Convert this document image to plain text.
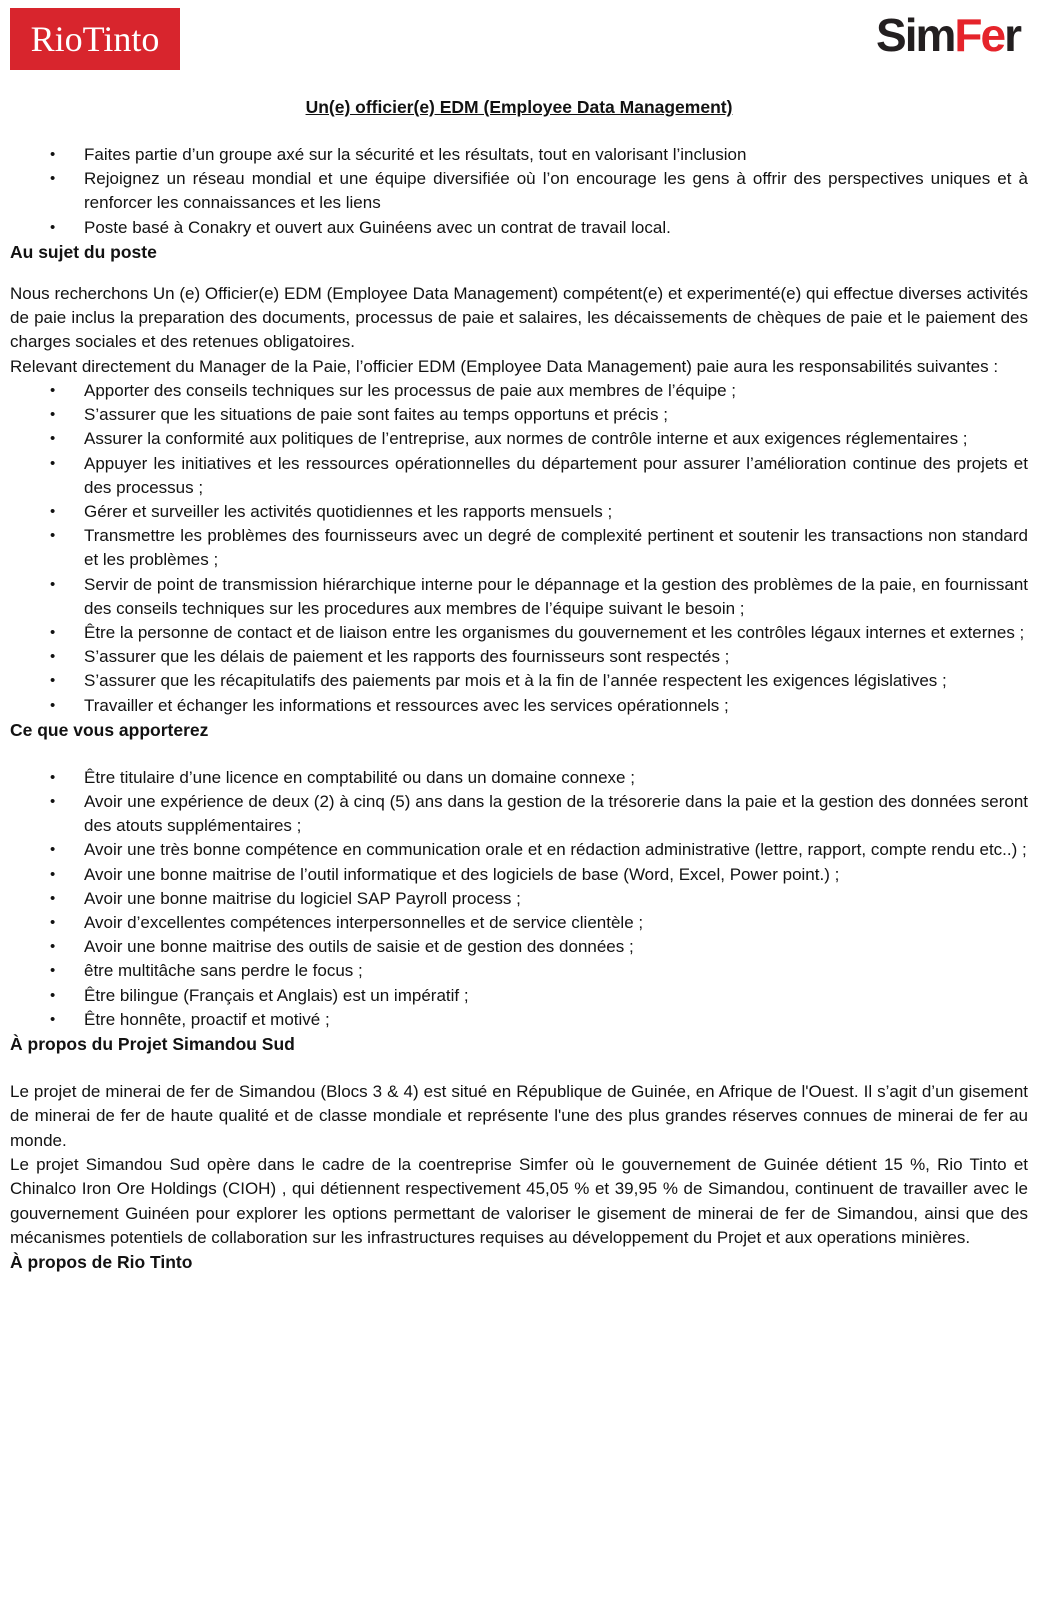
RioTinto	SimFer
Un(e) officier(e) EDM (Employee Data Management)
• Faites partie d’un groupe axé sur la sécurité et les résultats, tout en valorisant l’inclusion
• Rejoignez un réseau mondial et une équipe diversifiée où l’on encourage les gens à offrir des perspectives uniques et à renforcer les connaissances et les liens
• Poste basé à Conakry et ouvert aux Guinéens avec un contrat de travail local.
Au sujet du poste

Nous recherchons Un (e) Officier(e) EDM (Employee Data Management) compétent(e) et experimenté(e) qui effectue diverses activités de paie inclus la preparation des documents, processus de paie et salaires, les décaissements de chèques de paie et le paiement des charges sociales et des retenues obligatoires.

Relevant directement du Manager de la Paie, l’officier EDM (Employee Data Management) paie aura les responsabilités suivantes :

• Apporter des conseils techniques sur les processus de paie aux membres de l’équipe ;
• S’assurer que les situations de paie sont faites au temps opportuns et précis ;
• Assurer la conformité aux politiques de l’entreprise, aux normes de contrôle interne et aux exigences réglementaires ;
• Appuyer les initiatives et les ressources opérationnelles du département pour assurer l’amélioration continue des projets et des processus ;
• Gérer et surveiller les activités quotidiennes et les rapports mensuels ;
• Transmettre les problèmes des fournisseurs avec un degré de complexité pertinent et soutenir les transactions non standard et les problèmes ;
• Servir de point de transmission hiérarchique interne pour le dépannage et la gestion des problèmes de la paie, en fournissant des conseils techniques sur les procedures aux membres de l’équipe suivant le besoin ;
• Être la personne de contact et de liaison entre les organismes du gouvernement et les contrôles légaux internes et externes ;
• S’assurer que les délais de paiement et les rapports des fournisseurs sont respectés ;
• S’assurer que les récapitulatifs des paiements par mois et à la fin de l’année respectent les exigences législatives ;
• Travailler et échanger les informations et ressources avec les services opérationnels ;
Ce que vous apporterez
• Être titulaire d’une licence en comptabilité ou dans un domaine connexe ;
• Avoir une expérience de deux (2) à cinq (5) ans dans la gestion de la trésorerie dans la paie et la gestion des données seront des atouts supplémentaires ;
• Avoir une très bonne compétence en communication orale et en rédaction administrative (lettre, rapport, compte rendu etc..) ;
• Avoir une bonne maitrise de l’outil informatique et des logiciels de base (Word, Excel, Power point.) ;
• Avoir une bonne maitrise du logiciel SAP Payroll process ;
• Avoir d’excellentes compétences interpersonnelles et de service clientèle ;
• Avoir une bonne maitrise des outils de saisie et de gestion des données ;
• être multitâche sans perdre le focus ;
• Être bilingue (Français et Anglais) est un impératif ;
• Être honnête, proactif et motivé ;
À propos du Projet Simandou Sud

Le projet de minerai de fer de Simandou (Blocs 3 & 4) est situé en République de Guinée, en Afrique de l'Ouest. Il s’agit d’un gisement de minerai de fer de haute qualité et de classe mondiale et représente l'une des plus grandes réserves connues de minerai de fer au monde.

Le projet Simandou Sud opère dans le cadre de la coentreprise Simfer où le gouvernement de Guinée détient 15 %, Rio Tinto et Chinalco Iron Ore Holdings (CIOH) , qui détiennent respectivement 45,05 % et 39,95 % de Simandou, continuent de travailler avec le gouvernement Guinéen pour explorer les options permettant de valoriser le gisement de minerai de fer de Simandou, ainsi que des mécanismes potentiels de collaboration sur les infrastructures requises au développement du Projet et aux operations minières.

À propos de Rio Tinto
